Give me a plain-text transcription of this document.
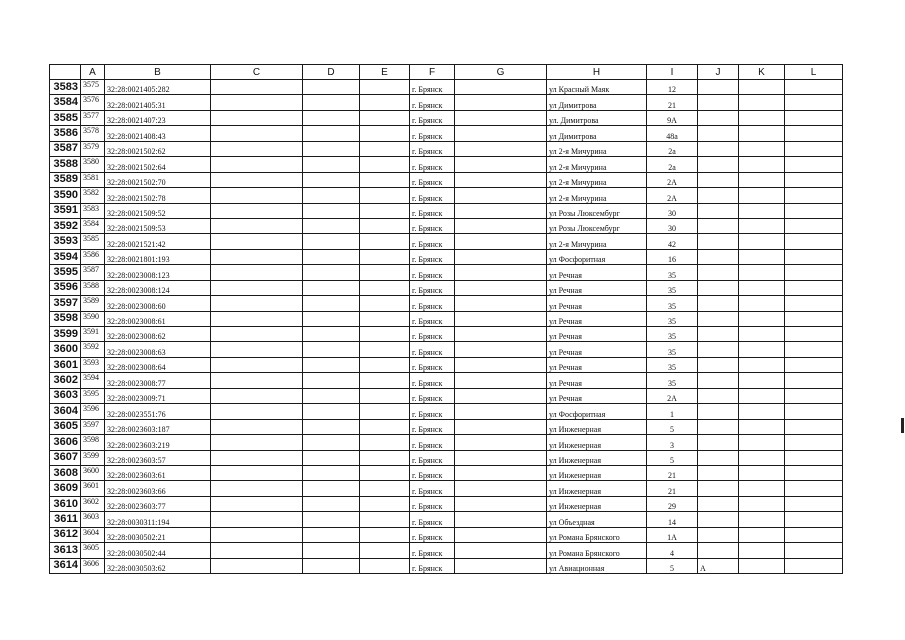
	A	B	C	D	E	F	G	H	I	J	K	L
3583	3575	32:28:0021405:282				г. Брянск		ул Красный Маяк	12			
3584	3576	32:28:0021405:31				г. Брянск		ул Димитрова	21			
3585	3577	32:28:0021407:23				г. Брянск		ул. Димитрова	9А			
3586	3578	32:28:0021408:43				г. Брянск		ул Димитрова	48а			
3587	3579	32:28:0021502:62				г. Брянск		ул 2-я Мичурина	2а			
3588	3580	32:28:0021502:64				г. Брянск		ул 2-я Мичурина	2а			
3589	3581	32:28:0021502:70				г. Брянск		ул 2-я Мичурина	2А			
3590	3582	32:28:0021502:78				г. Брянск		ул 2-я Мичурина	2А			
3591	3583	32:28:0021509:52				г. Брянск		ул Розы Люксембург	30			
3592	3584	32:28:0021509:53				г. Брянск		ул Розы Люксембург	30			
3593	3585	32:28:0021521:42				г. Брянск		ул 2-я Мичурина	42			
3594	3586	32:28:0021801:193				г. Брянск		ул Фосфоритная	16			
3595	3587	32:28:0023008:123				г. Брянск		ул Речная	35			
3596	3588	32:28:0023008:124				г. Брянск		ул Речная	35			
3597	3589	32:28:0023008:60				г. Брянск		ул Речная	35			
3598	3590	32:28:0023008:61				г. Брянск		ул Речная	35			
3599	3591	32:28:0023008:62				г. Брянск		ул Речная	35			
3600	3592	32:28:0023008:63				г. Брянск		ул Речная	35			
3601	3593	32:28:0023008:64				г. Брянск		ул Речная	35			
3602	3594	32:28:0023008:77				г. Брянск		ул Речная	35			
3603	3595	32:28:0023009:71				г. Брянск		ул Речная	2А			
3604	3596	32:28:0023551:76				г. Брянск		ул Фосфоритная	1			
3605	3597	32:28:0023603:187				г. Брянск		ул Инженерная	5			
3606	3598	32:28:0023603:219				г. Брянск		ул Инженерная	3			
3607	3599	32:28:0023603:57				г. Брянск		ул Инженерная	5			
3608	3600	32:28:0023603:61				г. Брянск		ул Инженерная	21			
3609	3601	32:28:0023603:66				г. Брянск		ул Инженерная	21			
3610	3602	32:28:0023603:77				г. Брянск		ул Инженерная	29			
3611	3603	32:28:0030311:194				г. Брянск		ул Объездная	14			
3612	3604	32:28:0030502:21				г. Брянск		ул Романа Брянского	1А			
3613	3605	32:28:0030502:44				г. Брянск		ул Романа Брянского	4			
3614	3606	32:28:0030503:62				г. Брянск		ул Авиационная	5	А		
